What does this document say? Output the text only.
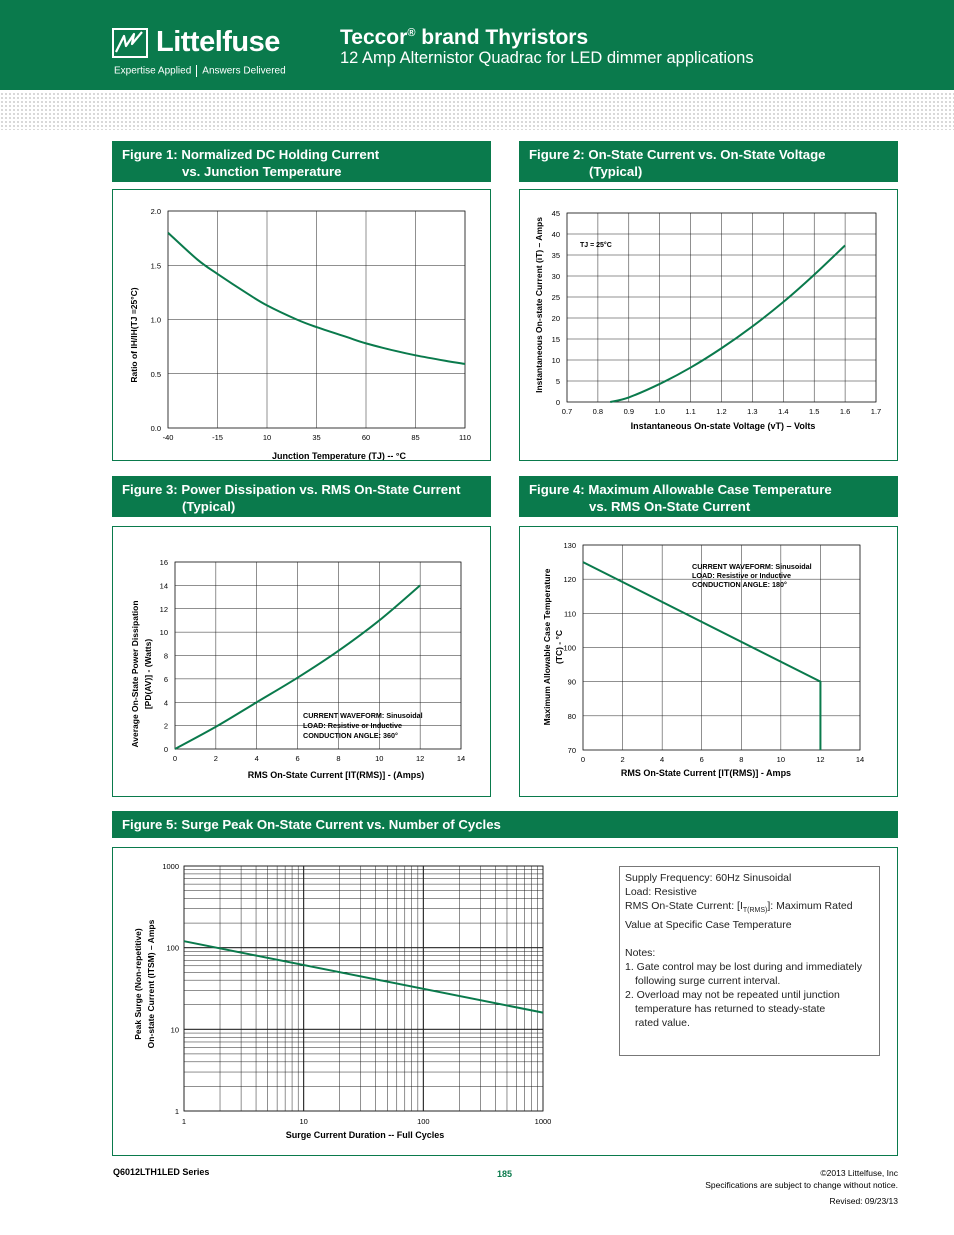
Littelfuse
Expertise Applied Answers Delivered
Teccor® brand Thyristors
12 Amp Alternistor Quadrac for LED dimmer applications
Figure 1: Normalized DC Holding Current
vs. Junction Temperature
Figure 2: On-State Current vs. On-State Voltage
(Typical)
Figure 3: Power Dissipation vs. RMS On-State Current
(Typical)
Figure 4: Maximum Allowable Case Temperature
vs. RMS On-State Current
Figure 5: Surge Peak On-State Current vs. Number of Cycles
-40	-15	10	35	60	85	110
0.0
0.5
1.0
1.5
2.0
Ratio of IH/IH(TJ =25°C)
Junction Temperature (TJ) -- °C
0.7	0.8	0.9	1.0	1.1	1.2	1.3	1.4	1.5	1.6	1.7
0
5
10
15
20
25
30
35
40
45
Instantaneous On-state Current (iT) – Amps
Instantaneous On-state Voltage (vT) – Volts
TJ = 25°C
0	2	4	6	8	10	12	14
0
2
4
6
8
10
12
14
16
Average On-State Power Dissipation [PD(AV)] - (Watts)
RMS On-State Current [IT(RMS)] - (Amps)
CURRENT WAVEFORM: Sinusoidal
LOAD: Resistive or Inductive
CONDUCTION ANGLE: 360°
0	2	4	6	8	10	12	14
70
80
90
100
110
120
130
Maximum Allowable Case Temperature (TC) - °C
RMS On-State Current [IT(RMS)] - Amps
CURRENT WAVEFORM: Sinusoidal
LOAD: Resistive or Inductive
CONDUCTION ANGLE: 180°
1	10	100	1000
1
10
100
1000
Peak Surge (Non-repetitive) On-state Current (ITSM) – Amps
Surge Current Duration -- Full Cycles
Supply Frequency: 60Hz Sinusoidal
Load: Resistive
RMS On-State Current: $[I_{T(RMS)}]$: Maximum Rated
Value at Specific Case Temperature
Notes:
1. Gate control may be lost during and immediately
following surge current interval.
2. Overload may not be repeated until junction
temperature has returned to steady-state
rated value.
Q6012LTH1LED Series	185	©2013 Littelfuse, Inc
Specifications are subject to change without notice.
Revised: 09/23/13
